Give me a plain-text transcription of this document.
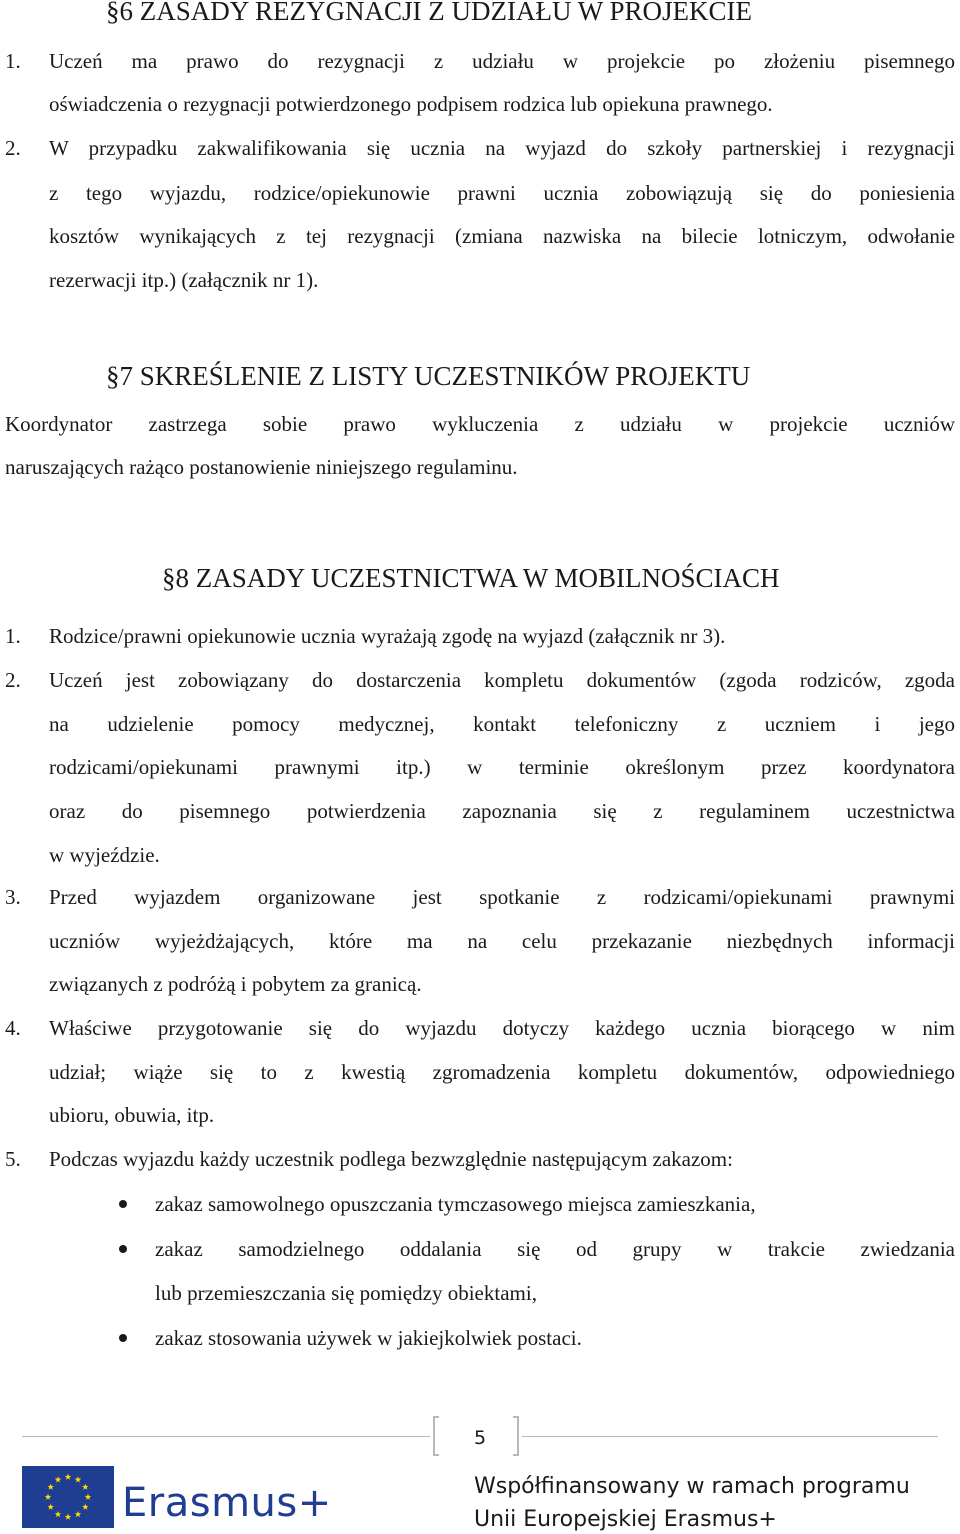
§6 ZASADY REZYGNACJI Z UDZIAŁU W PROJEKCIE
1. Uczeń ma prawo do rezygnacji z udziału w projekcie po złożeniu pisemnego
oświadczenia o rezygnacji potwierdzonego podpisem rodzica lub opiekuna prawnego.
2. W przypadku zakwalifikowania się ucznia na wyjazd do szkoły partnerskiej i rezygnacji
z tego wyjazdu, rodzice/opiekunowie prawni ucznia zobowiązują się do poniesienia
kosztów wynikających z tej rezygnacji (zmiana nazwiska na bilecie lotniczym, odwołanie
rezerwacji itp.) (załącznik nr 1).
§7 SKREŚLENIE Z LISTY UCZESTNIKÓW PROJEKTU
Koordynator zastrzega sobie prawo wykluczenia z udziału w projekcie uczniów
naruszających rażąco postanowienie niniejszego regulaminu.
§8 ZASADY UCZESTNICTWA W MOBILNOŚCIACH
1. Rodzice/prawni opiekunowie ucznia wyrażają zgodę na wyjazd (załącznik nr 3).
2. Uczeń jest zobowiązany do dostarczenia kompletu dokumentów (zgoda rodziców, zgoda
na udzielenie pomocy medycznej, kontakt telefoniczny z uczniem i jego
rodzicami/opiekunami prawnymi itp.) w terminie określonym przez koordynatora
oraz do pisemnego potwierdzenia zapoznania się z regulaminem uczestnictwa
w wyjeździe.
3. Przed wyjazdem organizowane jest spotkanie z rodzicami/opiekunami prawnymi
uczniów wyjeżdżających, które ma na celu przekazanie niezbędnych informacji
związanych z podróżą i pobytem za granicą.
4. Właściwe przygotowanie się do wyjazdu dotyczy każdego ucznia biorącego w nim
udział; wiąże się to z kwestią zgromadzenia kompletu dokumentów, odpowiedniego
ubioru, obuwia, itp.
5. Podczas wyjazdu każdy uczestnik podlega bezwzględnie następującym zakazom:
zakaz samowolnego opuszczania tymczasowego miejsca zamieszkania,
zakaz samodzielnego oddalania się od grupy w trakcie zwiedzania
lub przemieszczania się pomiędzy obiektami,
zakaz stosowania używek w jakiejkolwiek postaci.
5
Erasmus+	Współfinansowany w ramach programu
Unii Europejskiej Erasmus+
